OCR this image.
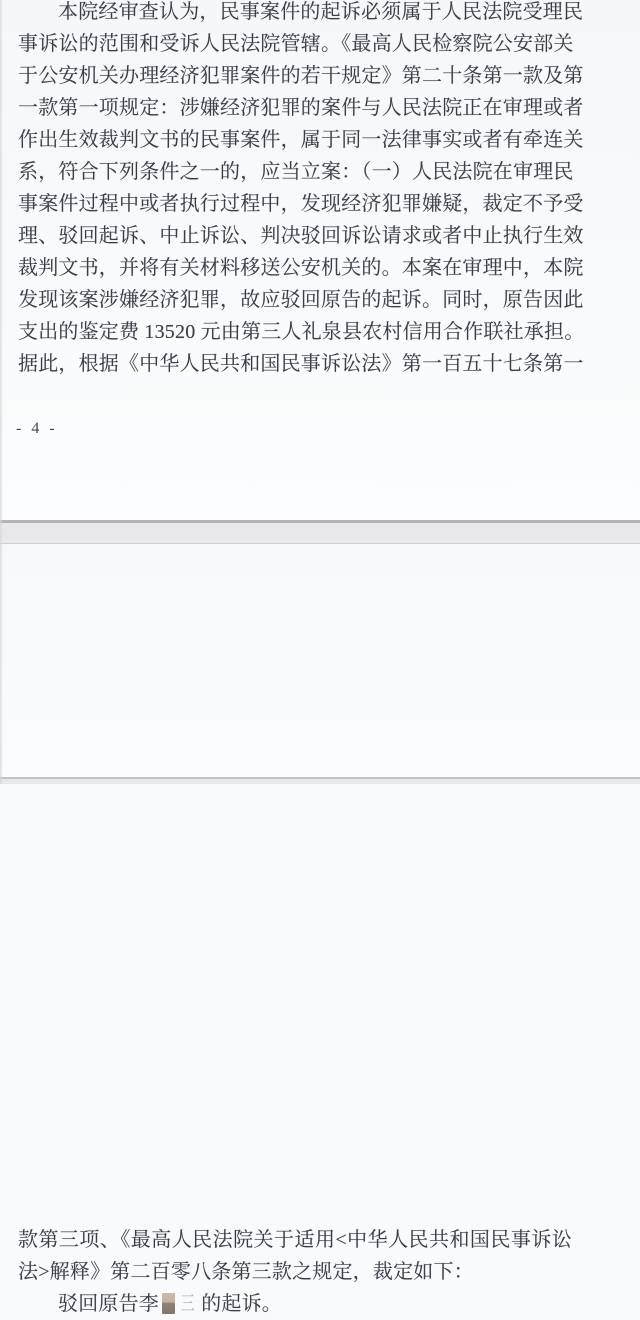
本院经审查认为，民事案件的起诉必须属于人民法院受理民
事诉讼的范围和受诉人民法院管辖。《最高人民检察院公安部关
于公安机关办理经济犯罪案件的若干规定》第二十条第一款及第
一款第一项规定：涉嫌经济犯罪的案件与人民法院正在审理或者
作出生效裁判文书的民事案件，属于同一法律事实或者有牵连关
系，符合下列条件之一的，应当立案：（一）人民法院在审理民
事案件过程中或者执行过程中，发现经济犯罪嫌疑，裁定不予受
理、驳回起诉、中止诉讼、判决驳回诉讼请求或者中止执行生效
裁判文书，并将有关材料移送公安机关的。本案在审理中，本院
发现该案涉嫌经济犯罪，故应驳回原告的起诉。同时，原告因此
支出的鉴定费 13520 元由第三人礼泉县农村信用合作联社承担。
据此，根据《中华人民共和国民事诉讼法》第一百五十七条第一
- 4 -
款第三项、《最高人民法院关于适用<中华人民共和国民事诉讼
法>解释》第二百零八条第三款之规定，裁定如下：
驳回原告李 三 的起诉。
